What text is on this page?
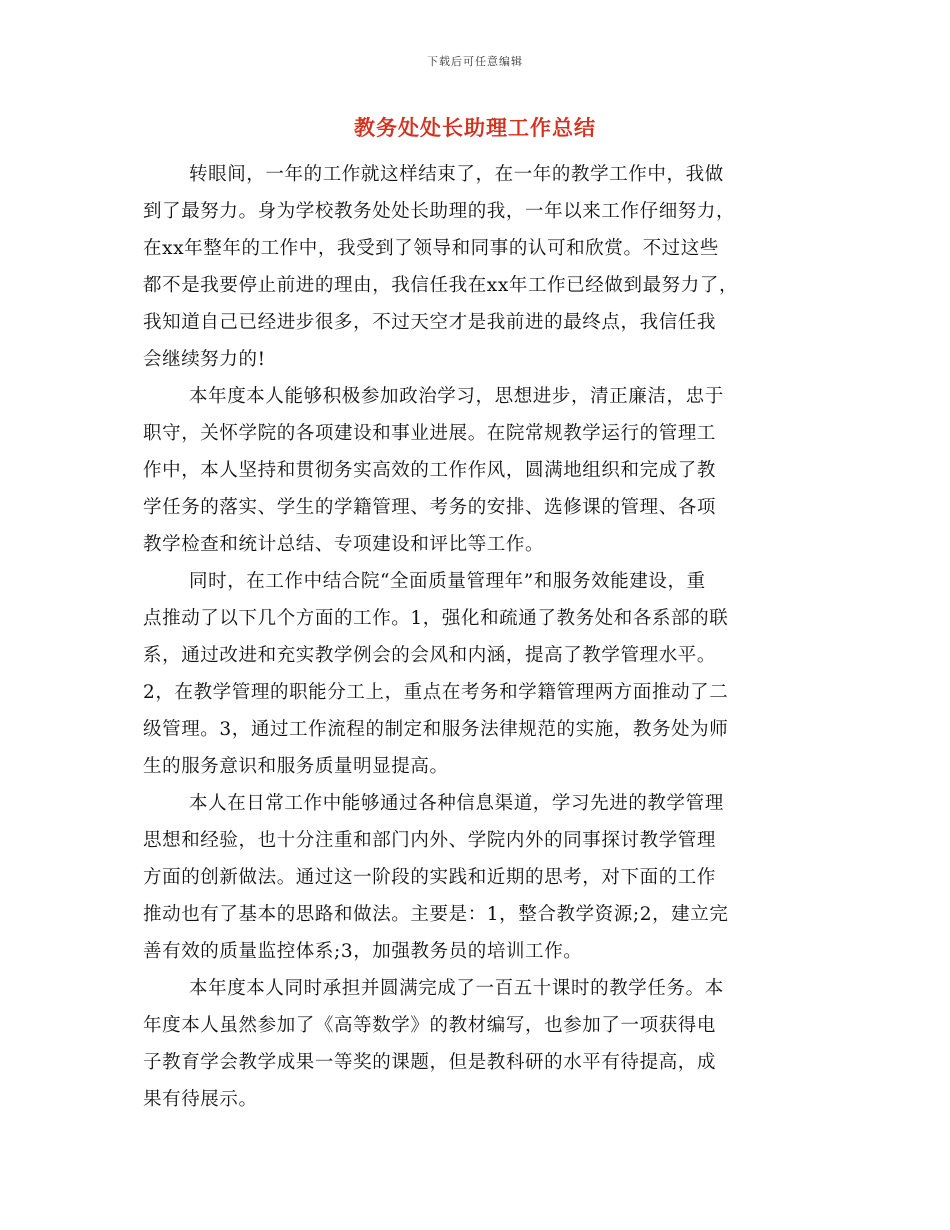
下载后可任意编辑
教务处处长助理工作总结
转眼间，一年的工作就这样结束了，在一年的教学工作中，我做
到了最努力。身为学校教务处处长助理的我，一年以来工作仔细努力，
在xx年整年的工作中，我受到了领导和同事的认可和欣赏。不过这些
都不是我要停止前进的理由，我信任我在xx年工作已经做到最努力了，
我知道自己已经进步很多，不过天空才是我前进的最终点，我信任我
会继续努力的!
本年度本人能够积极参加政治学习，思想进步，清正廉洁，忠于
职守，关怀学院的各项建设和事业进展。在院常规教学运行的管理工
作中，本人坚持和贯彻务实高效的工作作风，圆满地组织和完成了教
学任务的落实、学生的学籍管理、考务的安排、选修课的管理、各项
教学检查和统计总结、专项建设和评比等工作。
同时，在工作中结合院“全面质量管理年”和服务效能建设，重
点推动了以下几个方面的工作。1，强化和疏通了教务处和各系部的联
系，通过改进和充实教学例会的会风和内涵，提高了教学管理水平。
2，在教学管理的职能分工上，重点在考务和学籍管理两方面推动了二
级管理。3，通过工作流程的制定和服务法律规范的实施，教务处为师
生的服务意识和服务质量明显提高。
本人在日常工作中能够通过各种信息渠道，学习先进的教学管理
思想和经验，也十分注重和部门内外、学院内外的同事探讨教学管理
方面的创新做法。通过这一阶段的实践和近期的思考，对下面的工作
推动也有了基本的思路和做法。主要是：1，整合教学资源;2，建立完
善有效的质量监控体系;3，加强教务员的培训工作。
本年度本人同时承担并圆满完成了一百五十课时的教学任务。本
年度本人虽然参加了《高等数学》的教材编写，也参加了一项获得电
子教育学会教学成果一等奖的课题，但是教科研的水平有待提高，成
果有待展示。
